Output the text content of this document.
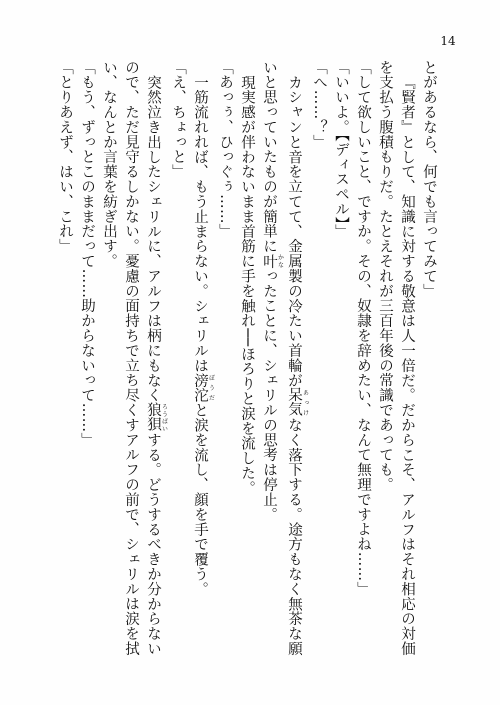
14
とがあるなら、何でも言ってみて」
『賢者』として、知識に対する敬意は人一倍だ。だからこそ、アルフはそれ相応の対価
を支払う腹積もりだ。たとえそれが三百年後の常識であっても。
「して欲しいこと、ですか。その、奴隷を辞めたい、なんて無理ですよね……」
「いいよ。【ディスペル】」
「へ……？」
カシャンと音を立てて、金属製の冷たい首輪が呆気 あっけなく落下する。途方もなく無茶な願
いと思っていたものが簡単に叶 かなったことに、シェリルの思考は停止。
現実感が伴わないまま首筋に手を触れ──ほろりと涙を流した。
「あっぅ、ひっぐぅ……」
一筋流れれば、もう止まらない。シェリルは滂沱 ぼうだと涙を流し、顔を手で覆う。
「え、ちょっと」
突然泣き出したシェリルに、アルフは柄にもなく狼狽 ろうばいする。どうするべきか分からない
ので、ただ見守るしかない。憂慮の面持ちで立ち尽くすアルフの前で、シェリルは涙を拭
い、なんとか言葉を紡ぎ出す。
「もう、ずっとこのままだって……助からないって……」
「とりあえず、はい、これ」
